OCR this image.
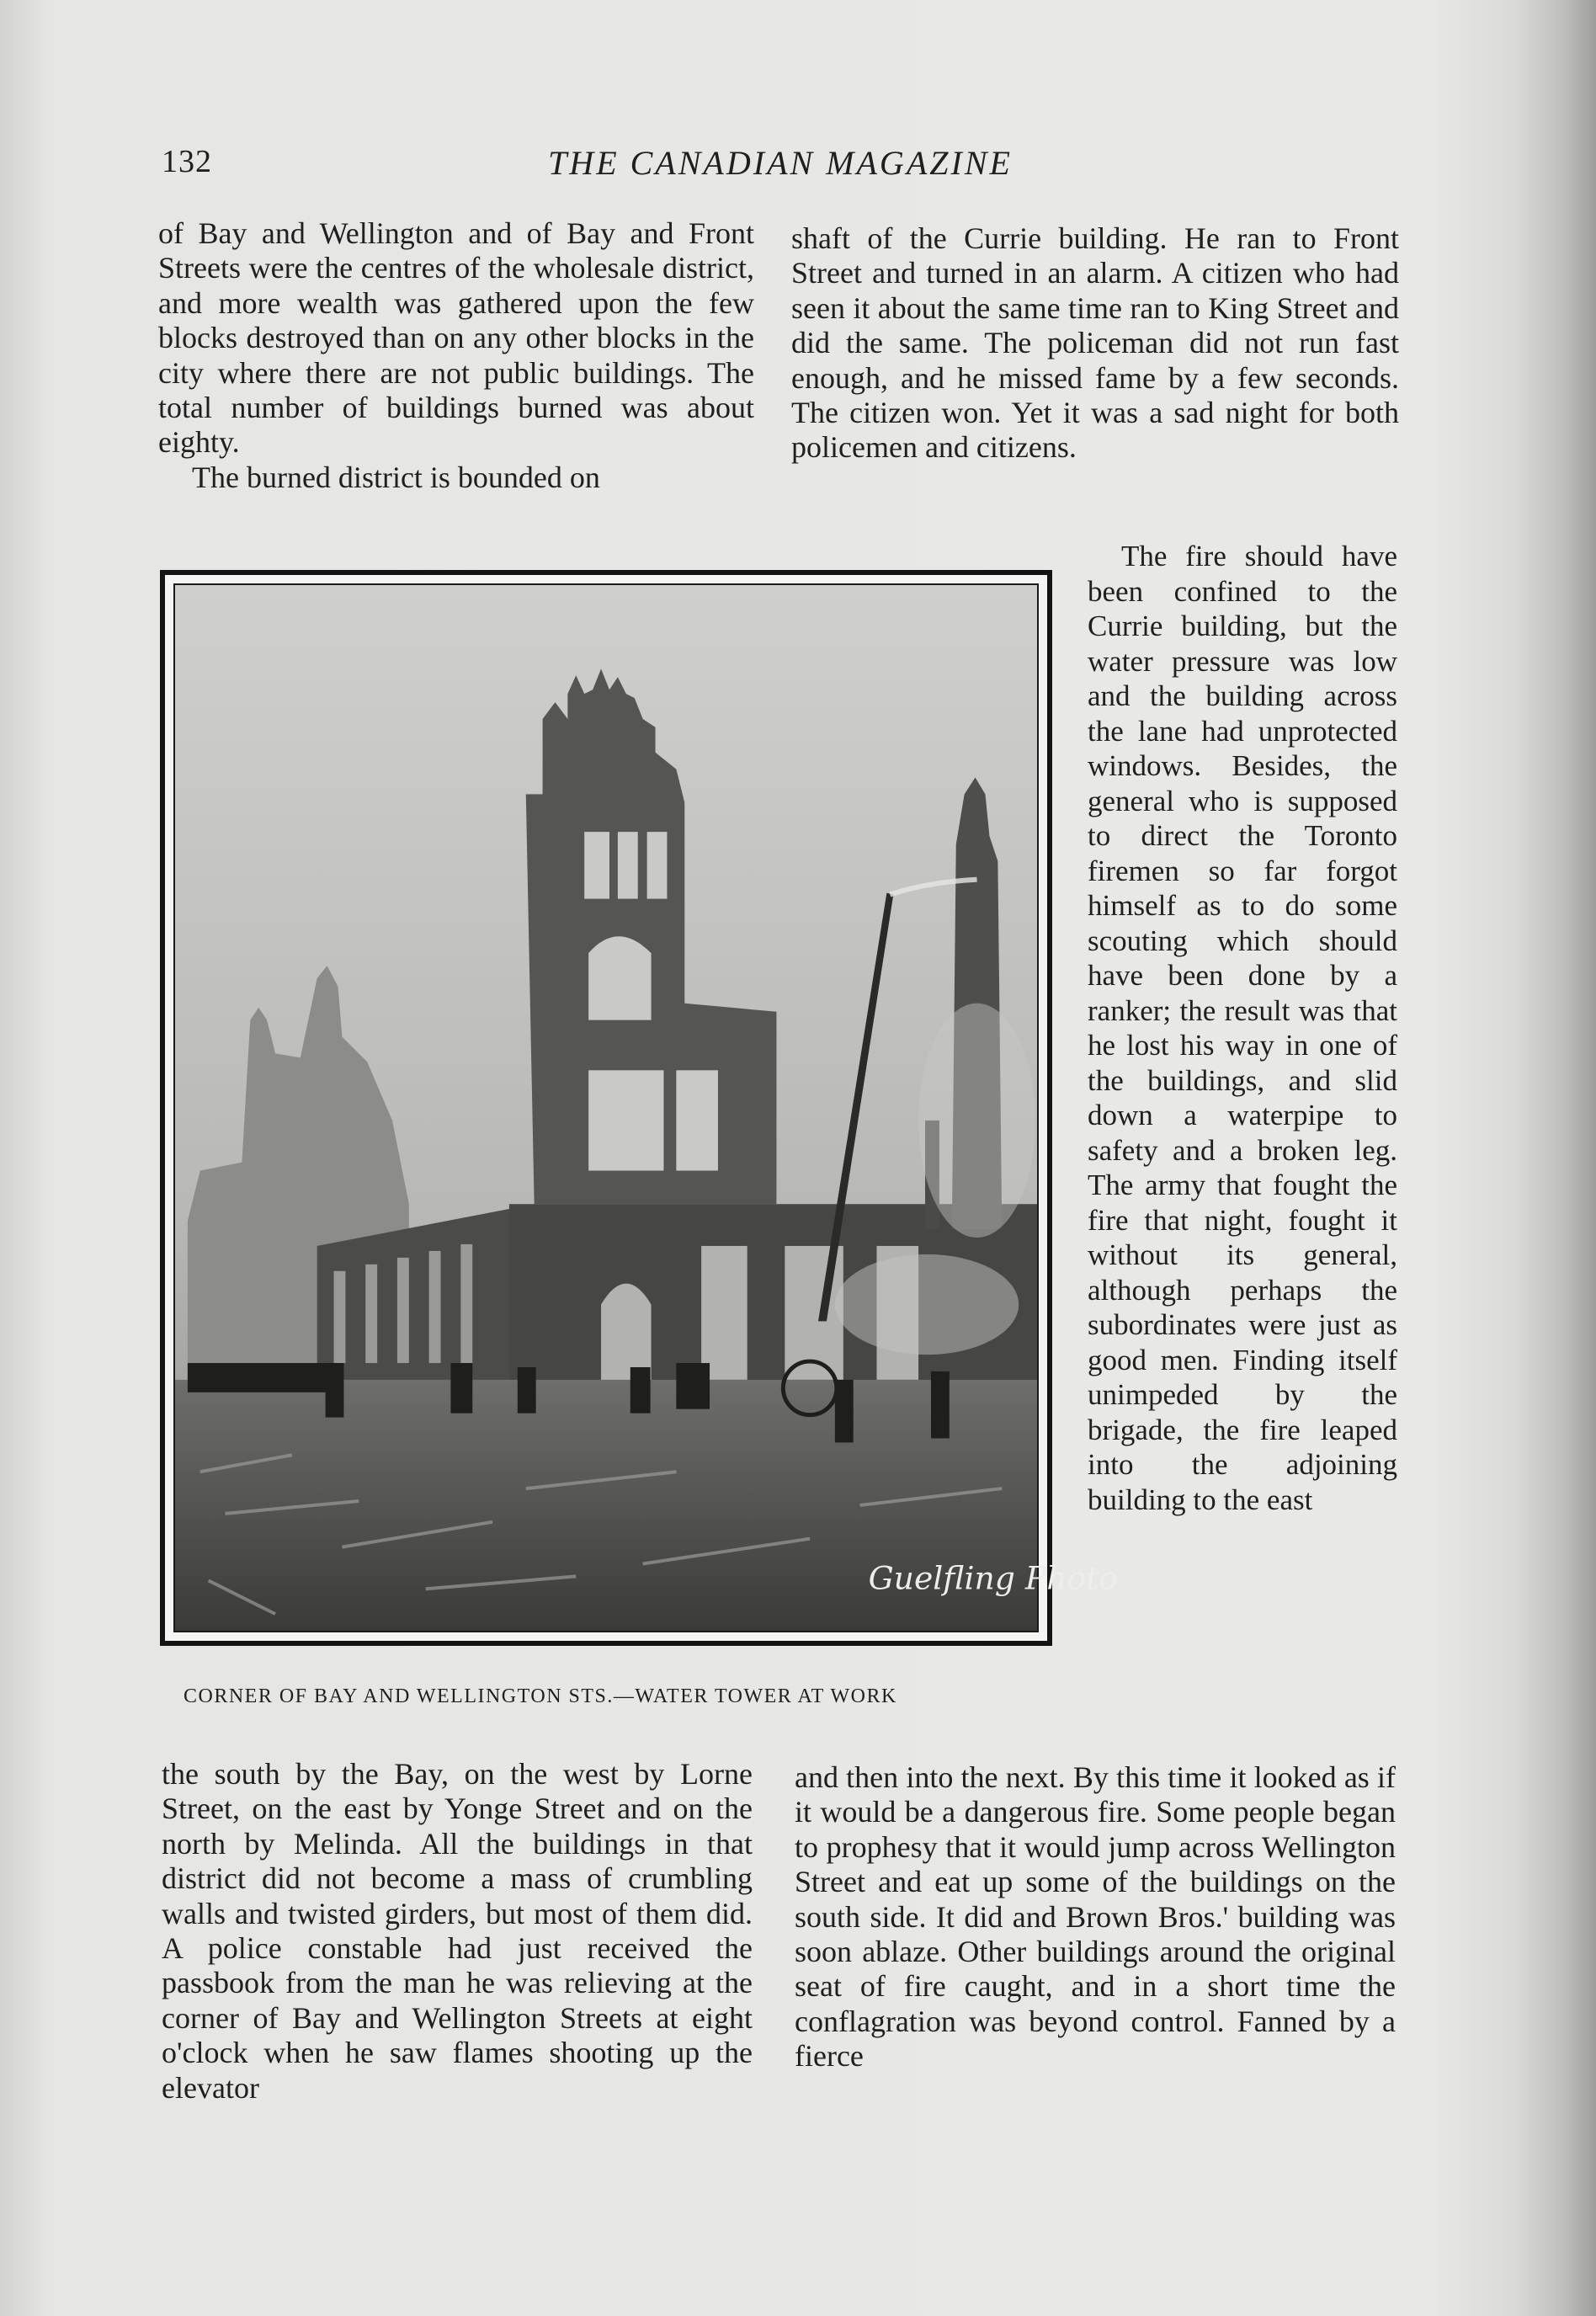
132	THE CANADIAN MAGAZINE

of Bay and Wellington and of Bay and Front Streets were the centres of the wholesale district, and more wealth was gathered upon the few blocks destroyed than on any other blocks in the city where there are not public buildings. The total number of buildings burned was about eighty.

The burned district is bounded on

shaft of the Currie building. He ran to Front Street and turned in an alarm. A citizen who had seen it about the same time ran to King Street and did the same. The policeman did not run fast enough, and he missed fame by a few seconds. The citizen won. Yet it was a sad night for both policemen and citizens.

Guelfling Photo

The fire should have been confined to the Currie building, but the water pressure was low and the building across the lane had unprotected windows. Besides, the general who is supposed to direct the Toronto firemen so far forgot himself as to do some scouting which should have been done by a ranker; the result was that he lost his way in one of the buildings, and slid down a waterpipe to safety and a broken leg. The army that fought the fire that night, fought it without its general, although perhaps the subordinates were just as good men. Finding itself unimpeded by the brigade, the fire leaped into the adjoining building to the east

CORNER OF BAY AND WELLINGTON STS.—WATER TOWER AT WORK

the south by the Bay, on the west by Lorne Street, on the east by Yonge Street and on the north by Melinda. All the buildings in that district did not become a mass of crumbling walls and twisted girders, but most of them did. A police constable had just received the passbook from the man he was relieving at the corner of Bay and Wellington Streets at eight o'clock when he saw flames shooting up the elevator

and then into the next. By this time it looked as if it would be a dangerous fire. Some people began to prophesy that it would jump across Wellington Street and eat up some of the buildings on the south side. It did and Brown Bros.' building was soon ablaze. Other buildings around the original seat of fire caught, and in a short time the conflagration was beyond control. Fanned by a fierce
